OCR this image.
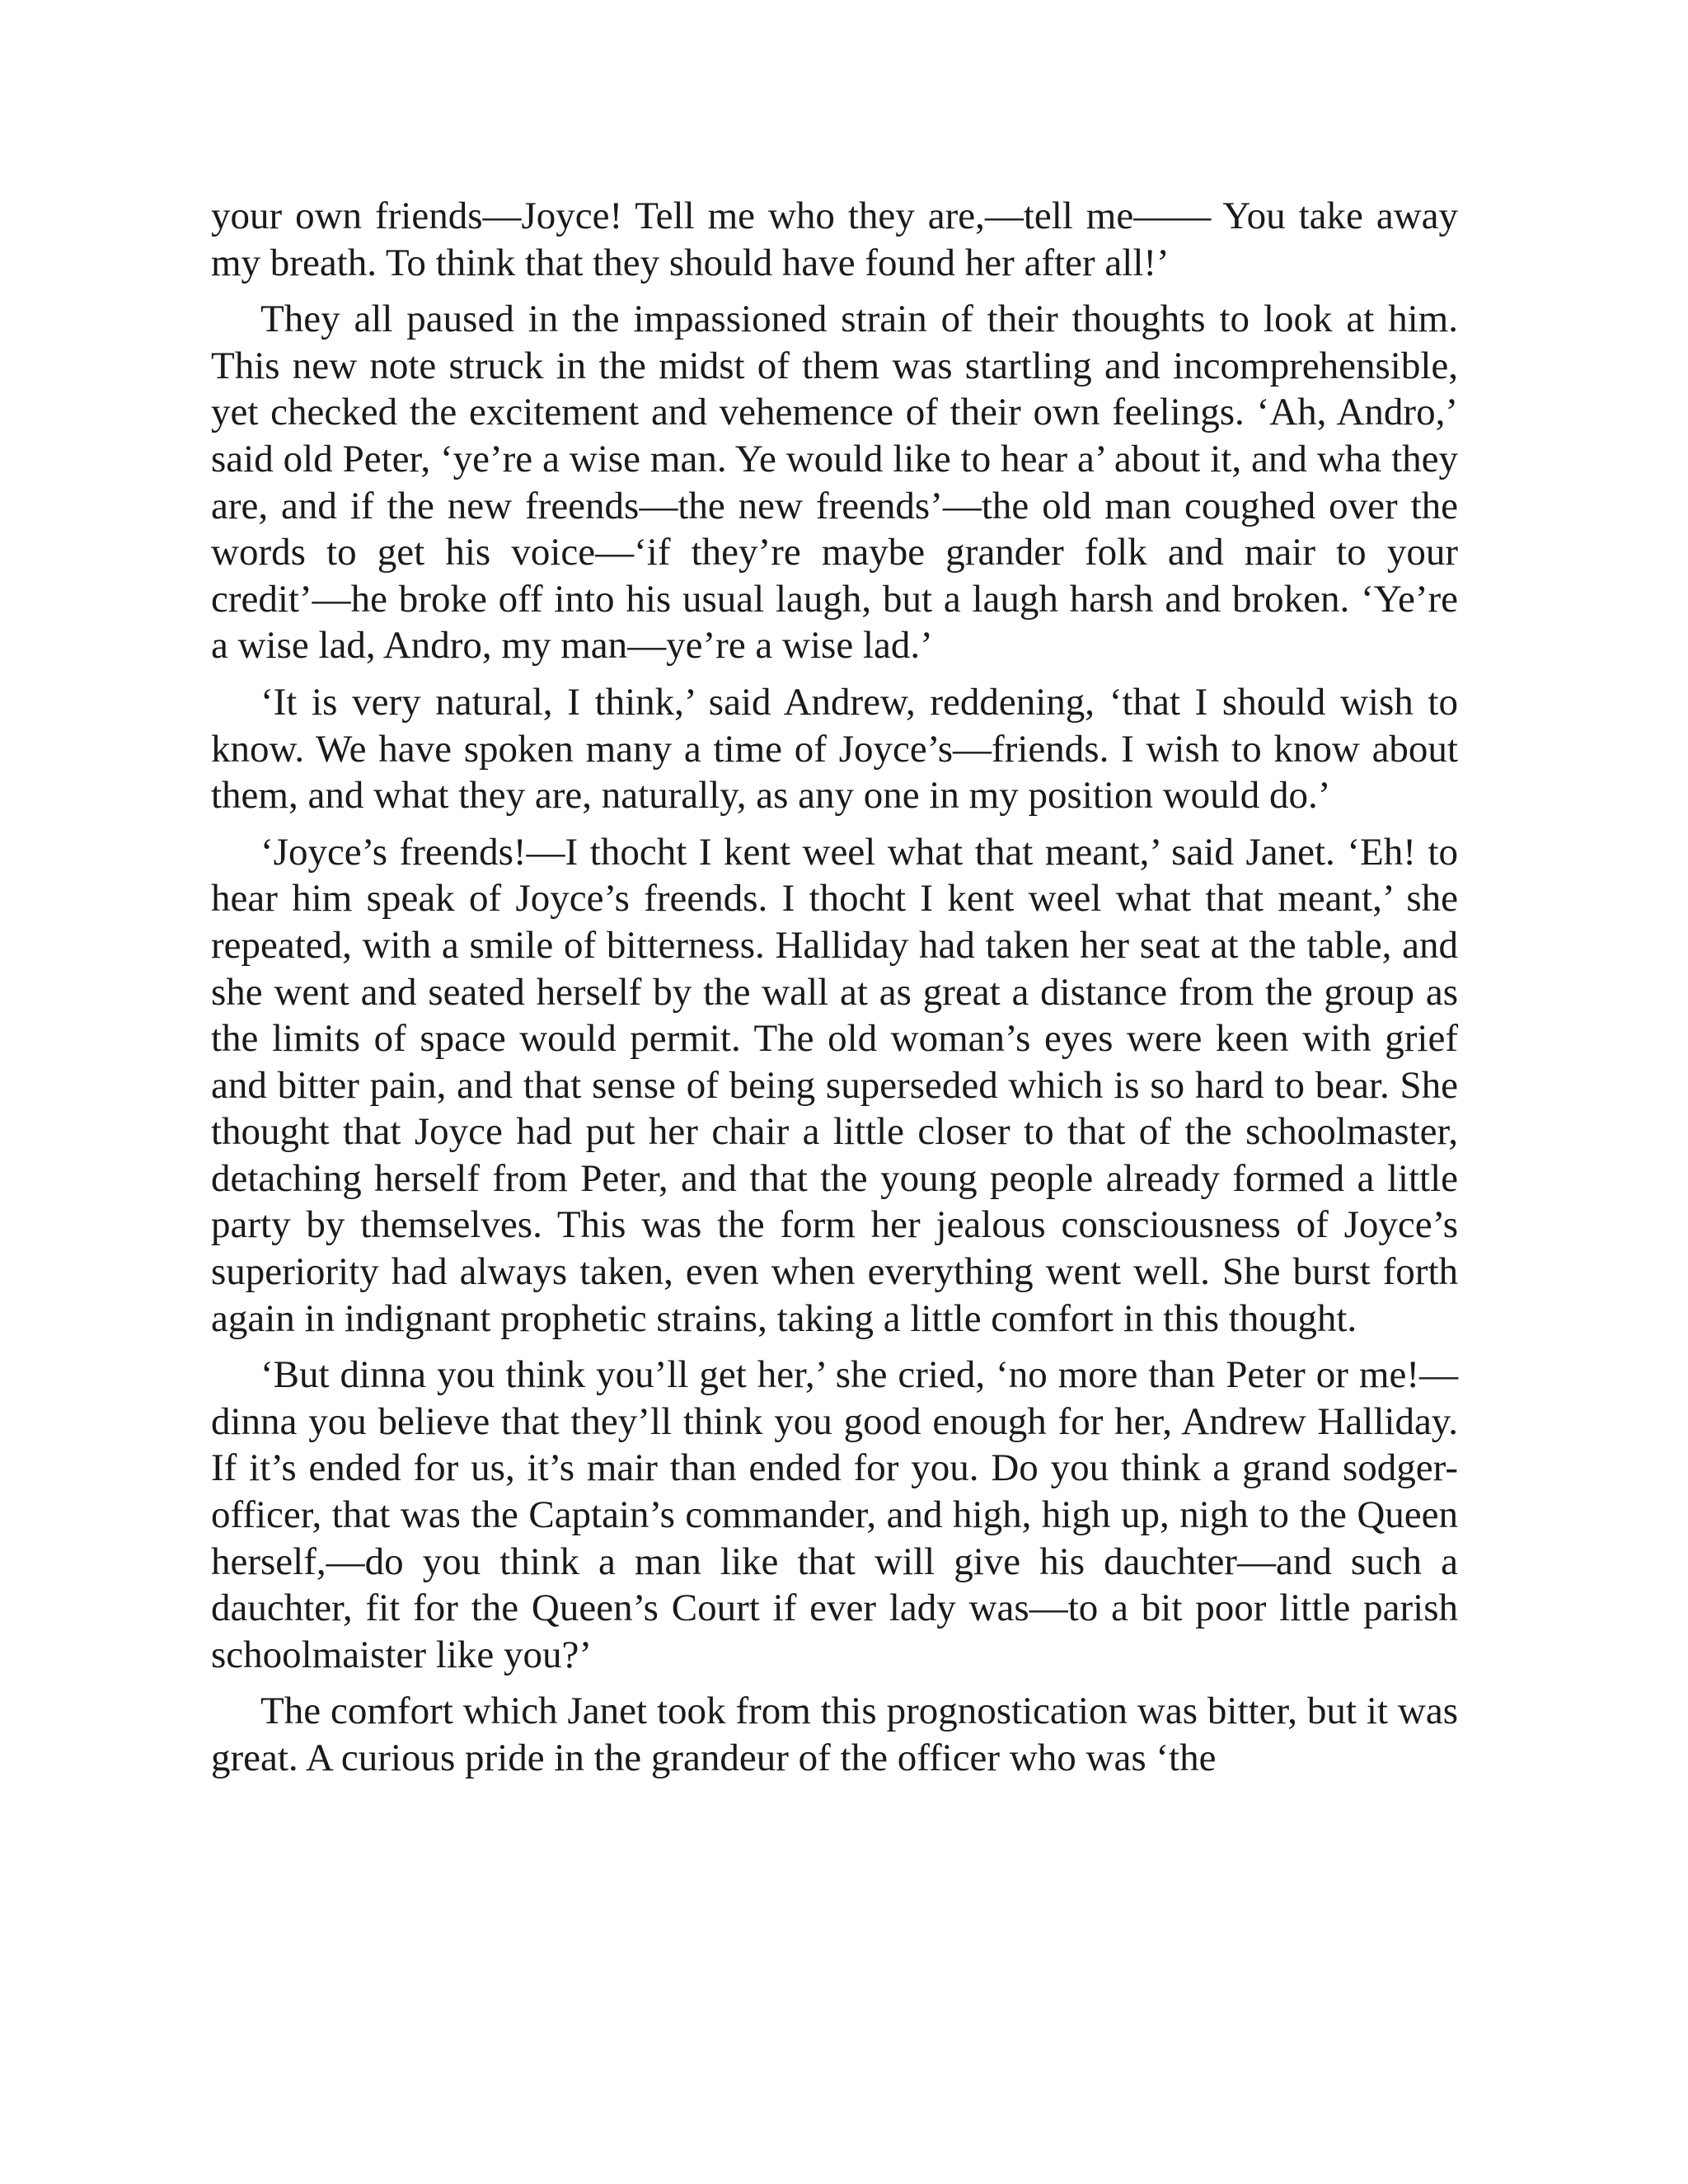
your own friends—Joyce! Tell me who they are,—tell me—— You take away my breath. To think that they should have found her after all!’

They all paused in the impassioned strain of their thoughts to look at him. This new note struck in the midst of them was startling and incomprehensible, yet checked the excitement and vehemence of their own feelings. ‘Ah, Andro,’ said old Peter, ‘ye’re a wise man. Ye would like to hear a’ about it, and wha they are, and if the new freends—the new freends’—the old man coughed over the words to get his voice—‘if they’re maybe grander folk and mair to your credit’—he broke off into his usual laugh, but a laugh harsh and broken. ‘Ye’re a wise lad, Andro, my man—ye’re a wise lad.’

‘It is very natural, I think,’ said Andrew, reddening, ‘that I should wish to know. We have spoken many a time of Joyce’s—friends. I wish to know about them, and what they are, naturally, as any one in my position would do.’

‘Joyce’s freends!—I thocht I kent weel what that meant,’ said Janet. ‘Eh! to hear him speak of Joyce’s freends. I thocht I kent weel what that meant,’ she repeated, with a smile of bitterness. Halliday had taken her seat at the table, and she went and seated herself by the wall at as great a distance from the group as the limits of space would permit. The old woman’s eyes were keen with grief and bitter pain, and that sense of being superseded which is so hard to bear. She thought that Joyce had put her chair a little closer to that of the schoolmaster, detaching herself from Peter, and that the young people already formed a little party by themselves. This was the form her jealous consciousness of Joyce’s superiority had always taken, even when everything went well. She burst forth again in indignant prophetic strains, taking a little comfort in this thought.

‘But dinna you think you’ll get her,’ she cried, ‘no more than Peter or me!—dinna you believe that they’ll think you good enough for her, Andrew Halliday. If it’s ended for us, it’s mair than ended for you. Do you think a grand sodger-officer, that was the Captain’s commander, and high, high up, nigh to the Queen herself,—do you think a man like that will give his dauchter—and such a dauchter, fit for the Queen’s Court if ever lady was—to a bit poor little parish schoolmaister like you?’

The comfort which Janet took from this prognostication was bitter, but it was great. A curious pride in the grandeur of the officer who was ‘the
